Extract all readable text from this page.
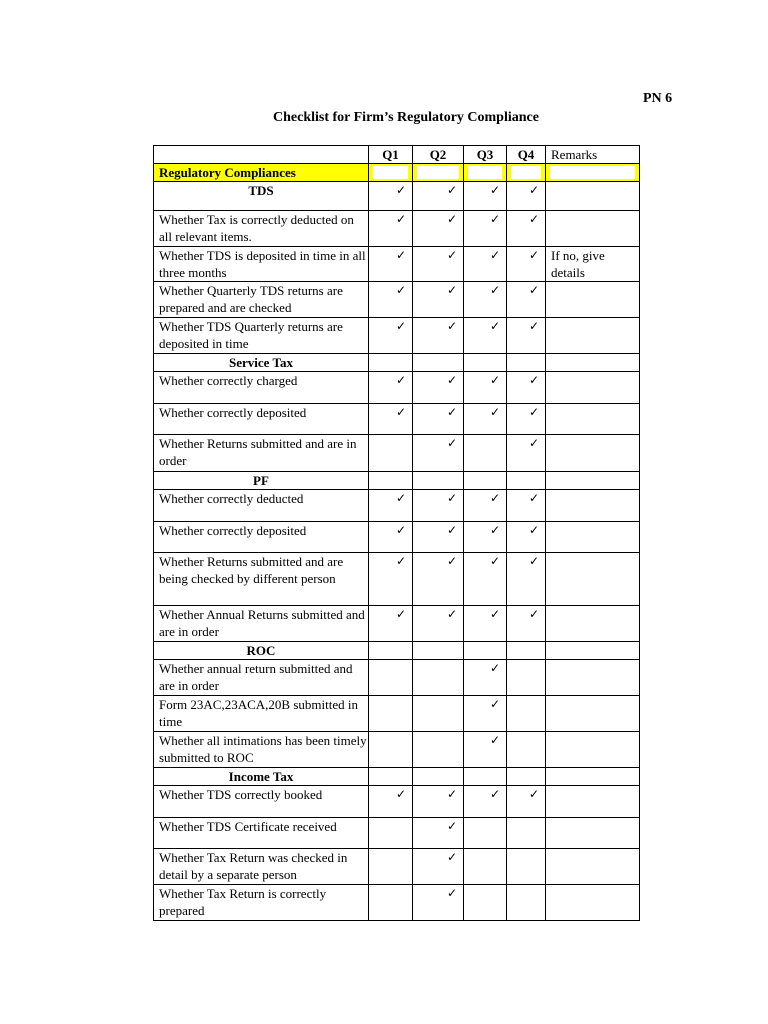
PN 6
Checklist for Firm’s Regulatory Compliance
	Q1	Q2	Q3	Q4	Remarks
Regulatory Compliances	

TDS	✓	✓	✓	✓	

Whether Tax is correctly deducted on all relevant items.	✓	✓	✓	✓	

Whether TDS is deposited in time in all three months	✓	✓	✓	✓	If no, give details
Whether Quarterly TDS returns are prepared and are checked	✓	✓	✓	✓	

Whether TDS Quarterly returns are deposited in time	✓	✓	✓	✓	

Service Tax					
Whether correctly charged	✓	✓	✓	✓	

Whether correctly deposited	✓	✓	✓	✓	

Whether Returns submitted and are in order		✓		✓	

PF					
Whether correctly deducted	✓	✓	✓	✓	

Whether correctly deposited	✓	✓	✓	✓	

Whether Returns submitted and are being checked by different person	✓	✓	✓	✓	

Whether Annual Returns submitted and are in order	✓	✓	✓	✓	

ROC					
Whether annual return submitted and are in order			✓		

Form 23AC,23ACA,20B submitted in time			✓		

Whether all intimations has been timely submitted to ROC			✓		

Income Tax					
Whether TDS correctly booked	✓	✓	✓	✓	

Whether TDS Certificate received		✓			

Whether Tax Return was checked in detail by a separate person		✓			

Whether Tax Return is correctly prepared		✓			
